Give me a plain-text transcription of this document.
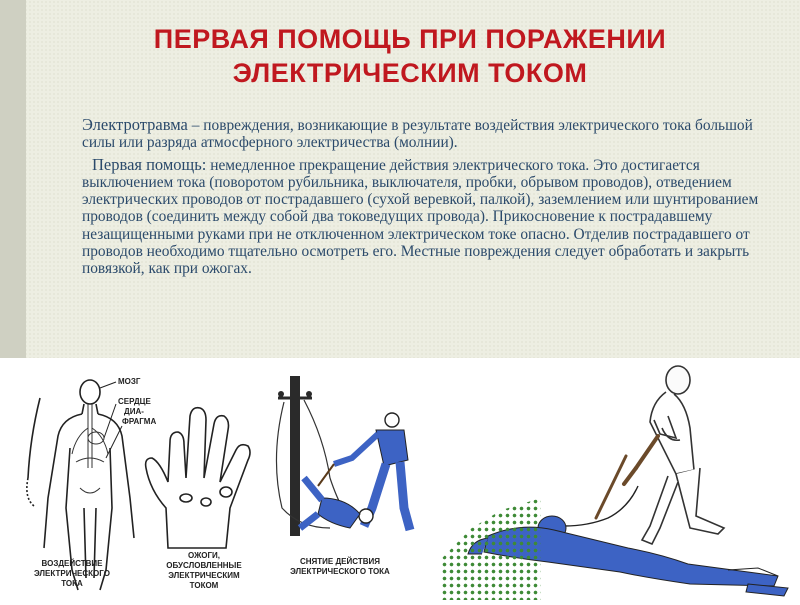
ПЕРВАЯ ПОМОЩЬ ПРИ ПОРАЖЕНИИ
ЭЛЕКТРИЧЕСКИМ ТОКОМ

Электротравма – повреждения, возникающие в результате воздействия электрического тока большой силы или разряда атмосферного электричества (молнии).

Первая помощь: немедленное прекращение действия электрического тока. Это достигается выключением тока (поворотом рубильника, выключателя, пробки, обрывом проводов), отведением электрических проводов от пострадавшего (сухой веревкой, палкой), заземлением или шунтированием проводов (соединить между собой два токоведущих провода). Прикосновение к пострадавшему незащищенными руками при не отключенном электрическом токе опасно. Отделив пострадавшего от проводов необходимо тщательно осмотреть его. Местные повреждения следует обработать и закрыть повязкой, как при ожогах.

МОЗГ
СЕРДЦЕ
ДИА-
ФРАГМА
ВОЗДЕЙСТВИЕ
ЭЛЕКТРИЧЕСКОГО
ТОКА
ОЖОГИ,
ОБУСЛОВЛЕННЫЕ
ЭЛЕКТРИЧЕСКИМ
ТОКОМ
СНЯТИЕ ДЕЙСТВИЯ
ЭЛЕКТРИЧЕСКОГО ТОКА
